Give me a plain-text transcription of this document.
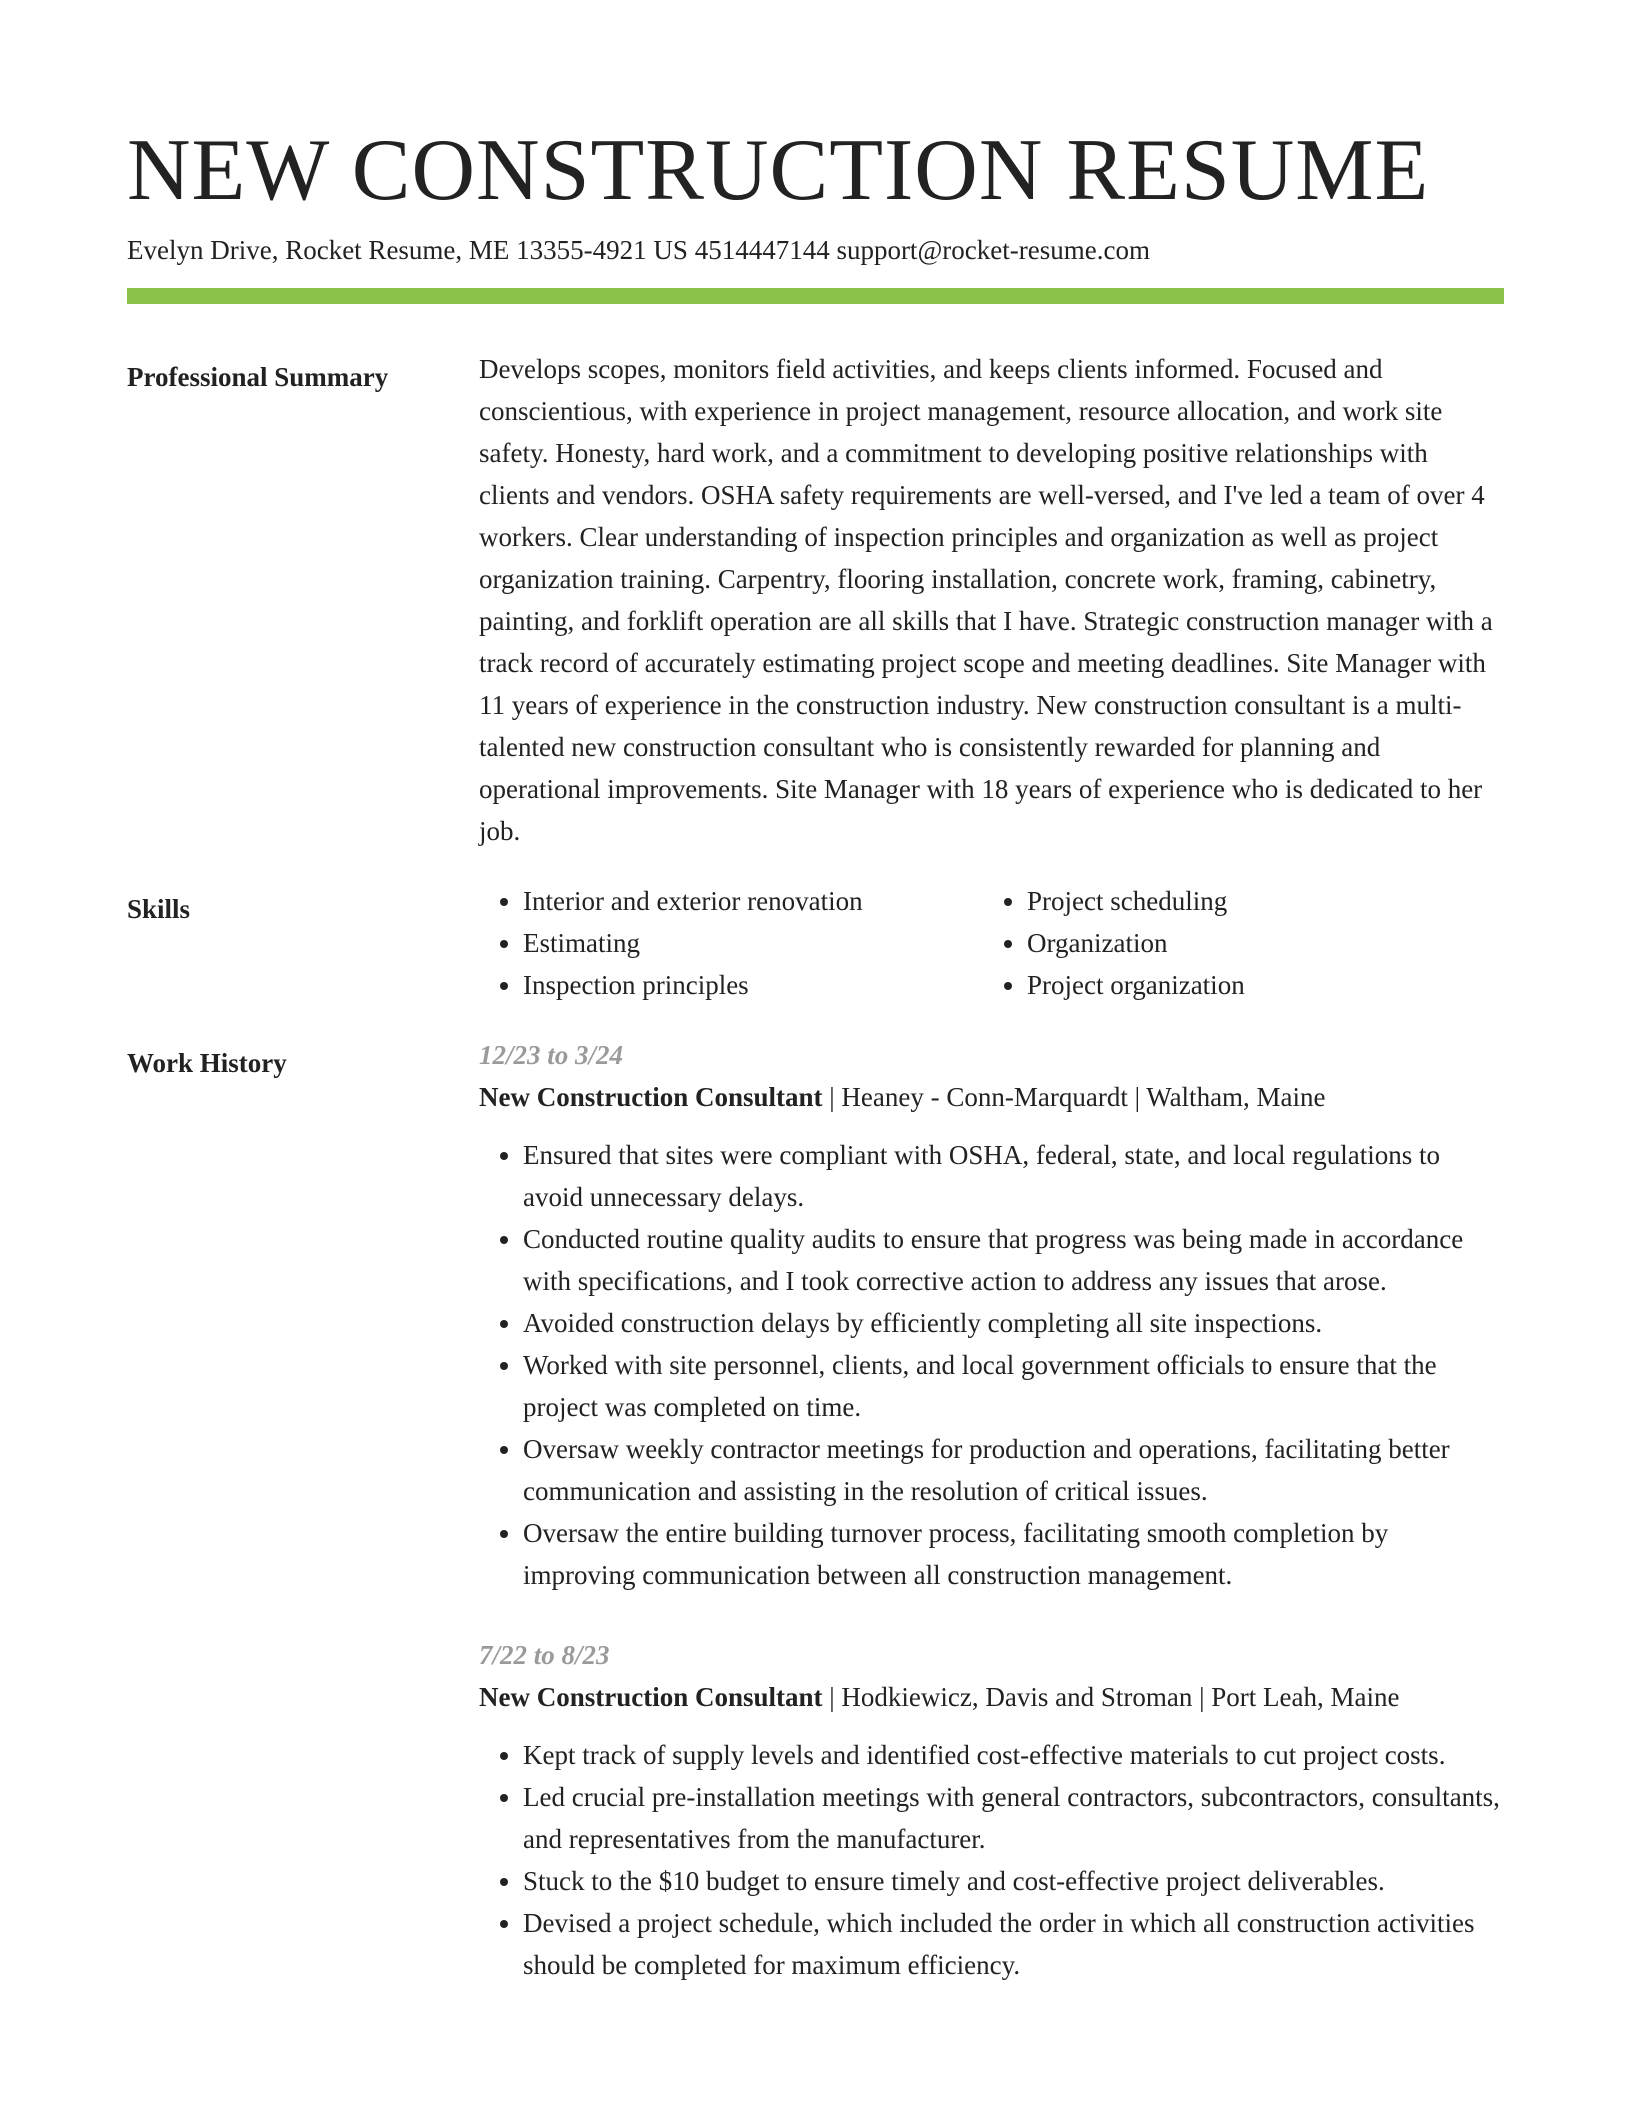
NEW CONSTRUCTION RESUME
Evelyn Drive, Rocket Resume, ME 13355-4921 US 4514447144 support@rocket-resume.com
Professional Summary	Develops scopes, monitors field activities, and keeps clients informed. Focused and conscientious, with experience in project management, resource allocation, and work site safety. Honesty, hard work, and a commitment to developing positive relationships with clients and vendors. OSHA safety requirements are well-versed, and I've led a team of over 4 workers. Clear understanding of inspection principles and organization as well as project organization training. Carpentry, flooring installation, concrete work, framing, cabinetry, painting, and forklift operation are all skills that I have. Strategic construction manager with a track record of accurately estimating project scope and meeting deadlines. Site Manager with 11 years of experience in the construction industry. New construction consultant is a multi-talented new construction consultant who is consistently rewarded for planning and operational improvements. Site Manager with 18 years of experience who is dedicated to her job.

Skills
•	Interior and exterior renovation
• Estimating
• Inspection principles
• Project scheduling
• Organization
• Project organization
Work History	12/23 to 3/24
New Construction Consultant | Heaney - Conn-Marquardt | Waltham, Maine
• Ensured that sites were compliant with OSHA, federal, state, and local regulations to avoid unnecessary delays.
• Conducted routine quality audits to ensure that progress was being made in accordance with specifications, and I took corrective action to address any issues that arose.
• Avoided construction delays by efficiently completing all site inspections.
• Worked with site personnel, clients, and local government officials to ensure that the project was completed on time.
• Oversaw weekly contractor meetings for production and operations, facilitating better communication and assisting in the resolution of critical issues.
• Oversaw the entire building turnover process, facilitating smooth completion by improving communication between all construction management.
7/22 to 8/23
New Construction Consultant | Hodkiewicz, Davis and Stroman | Port Leah, Maine
• Kept track of supply levels and identified cost-effective materials to cut project costs.
• Led crucial pre-installation meetings with general contractors, subcontractors, consultants, and representatives from the manufacturer.
• Stuck to the $10 budget to ensure timely and cost-effective project deliverables.
• Devised a project schedule, which included the order in which all construction activities should be completed for maximum efficiency.
